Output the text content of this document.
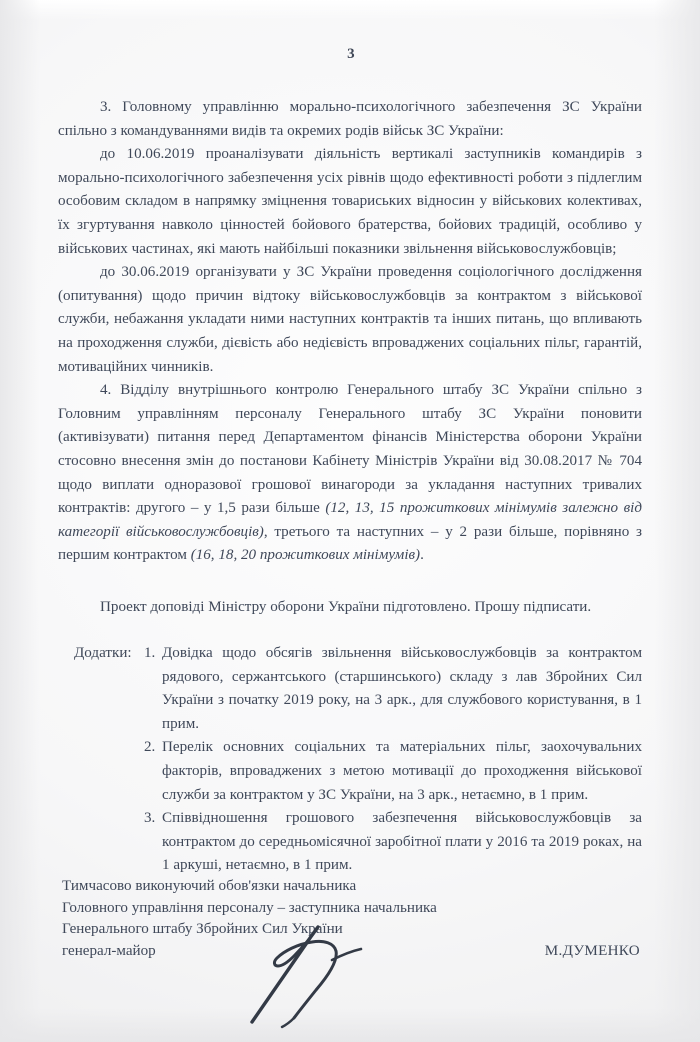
3

3. Головному управлінню морально-психологічного забезпечення ЗС України спільно з командуваннями видів та окремих родів військ ЗС України:

до 10.06.2019 проаналізувати діяльність вертикалі заступників командирів з морально-психологічного забезпечення усіх рівнів щодо ефективності роботи з підлеглим особовим складом в напрямку зміцнення товариських відносин у військових колективах, їх згуртування навколо цінностей бойового братерства, бойових традицій, особливо у військових частинах, які мають найбільші показники звільнення військовослужбовців;

до 30.06.2019 організувати у ЗС України проведення соціологічного дослідження (опитування) щодо причин відтоку військовослужбовців за контрактом з військової служби, небажання укладати ними наступних контрактів та інших питань, що впливають на проходження служби, дієвість або недієвість впроваджених соціальних пільг, гарантій, мотиваційних чинників.

4. Відділу внутрішнього контролю Генерального штабу ЗС України спільно з Головним управлінням персоналу Генерального штабу ЗС України поновити (активізувати) питання перед Департаментом фінансів Міністерства оборони України стосовно внесення змін до постанови Кабінету Міністрів України від 30.08.2017 № 704 щодо виплати одноразової грошової винагороди за укладання наступних тривалих контрактів: другого – у 1,5 рази більше (12, 13, 15 прожиткових мінімумів залежно від категорії військовослужбовців), третього та наступних – у 2 рази більше, порівняно з першим контрактом (16, 18, 20 прожиткових мінімумів).

Проект доповіді Міністру оборони України підготовлено. Прошу підписати.

Додатки: 1. Довідка щодо обсягів звільнення військовослужбовців за контрактом рядового, сержантського (старшинського) складу з лав Збройних Сил України з початку 2019 року, на 3 арк., для службового користування, в 1 прим.
2. Перелік основних соціальних та матеріальних пільг, заохочувальних факторів, впроваджених з метою мотивації до проходження військової служби за контрактом у ЗС України, на 3 арк., нетаємно, в 1 прим.
3. Співвідношення грошового забезпечення військовослужбовців за контрактом до середньомісячної заробітної плати у 2016 та 2019 роках, на 1 аркуші, нетаємно, в 1 прим.
Тимчасово виконуючий обов'язки начальника
Головного управління персоналу – заступника начальника
Генерального штабу Збройних Сил України
генерал-майор	М.ДУМЕНКО
